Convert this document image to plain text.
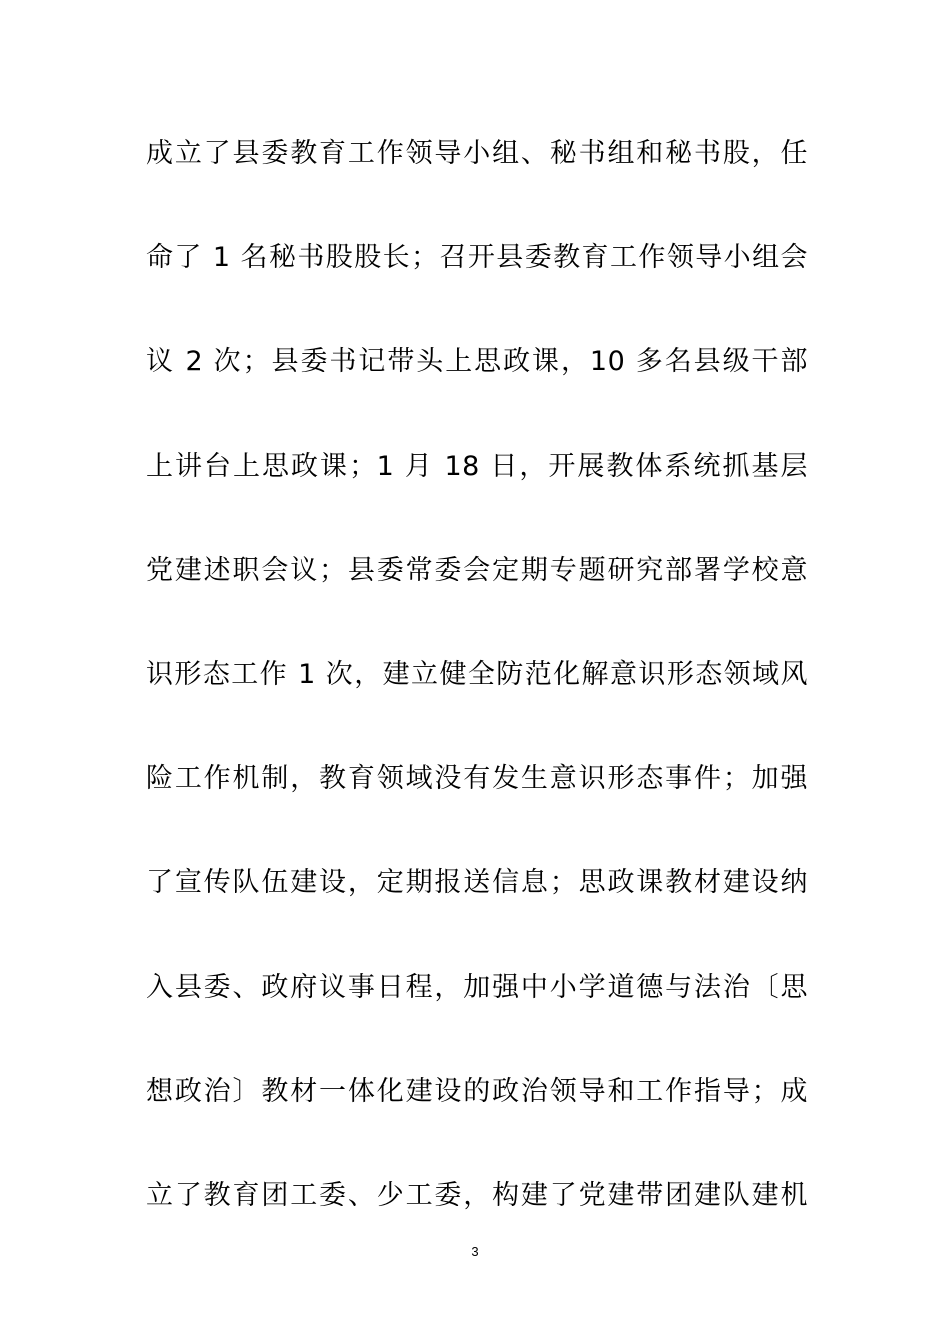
成立了县委教育工作领导小组、秘书组和秘书股，任
命了 1 名秘书股股长；召开县委教育工作领导小组会
议 2 次；县委书记带头上思政课，10 多名县级干部
上讲台上思政课；1 月 18 日，开展教体系统抓基层
党建述职会议；县委常委会定期专题研究部署学校意
识形态工作 1 次，建立健全防范化解意识形态领域风
险工作机制，教育领域没有发生意识形态事件；加强
了宣传队伍建设，定期报送信息；思政课教材建设纳
入县委、政府议事日程，加强中小学道德与法治〔思
想政治〕教材一体化建设的政治领导和工作指导；成
立了教育团工委、少工委，构建了党建带团建队建机
3
